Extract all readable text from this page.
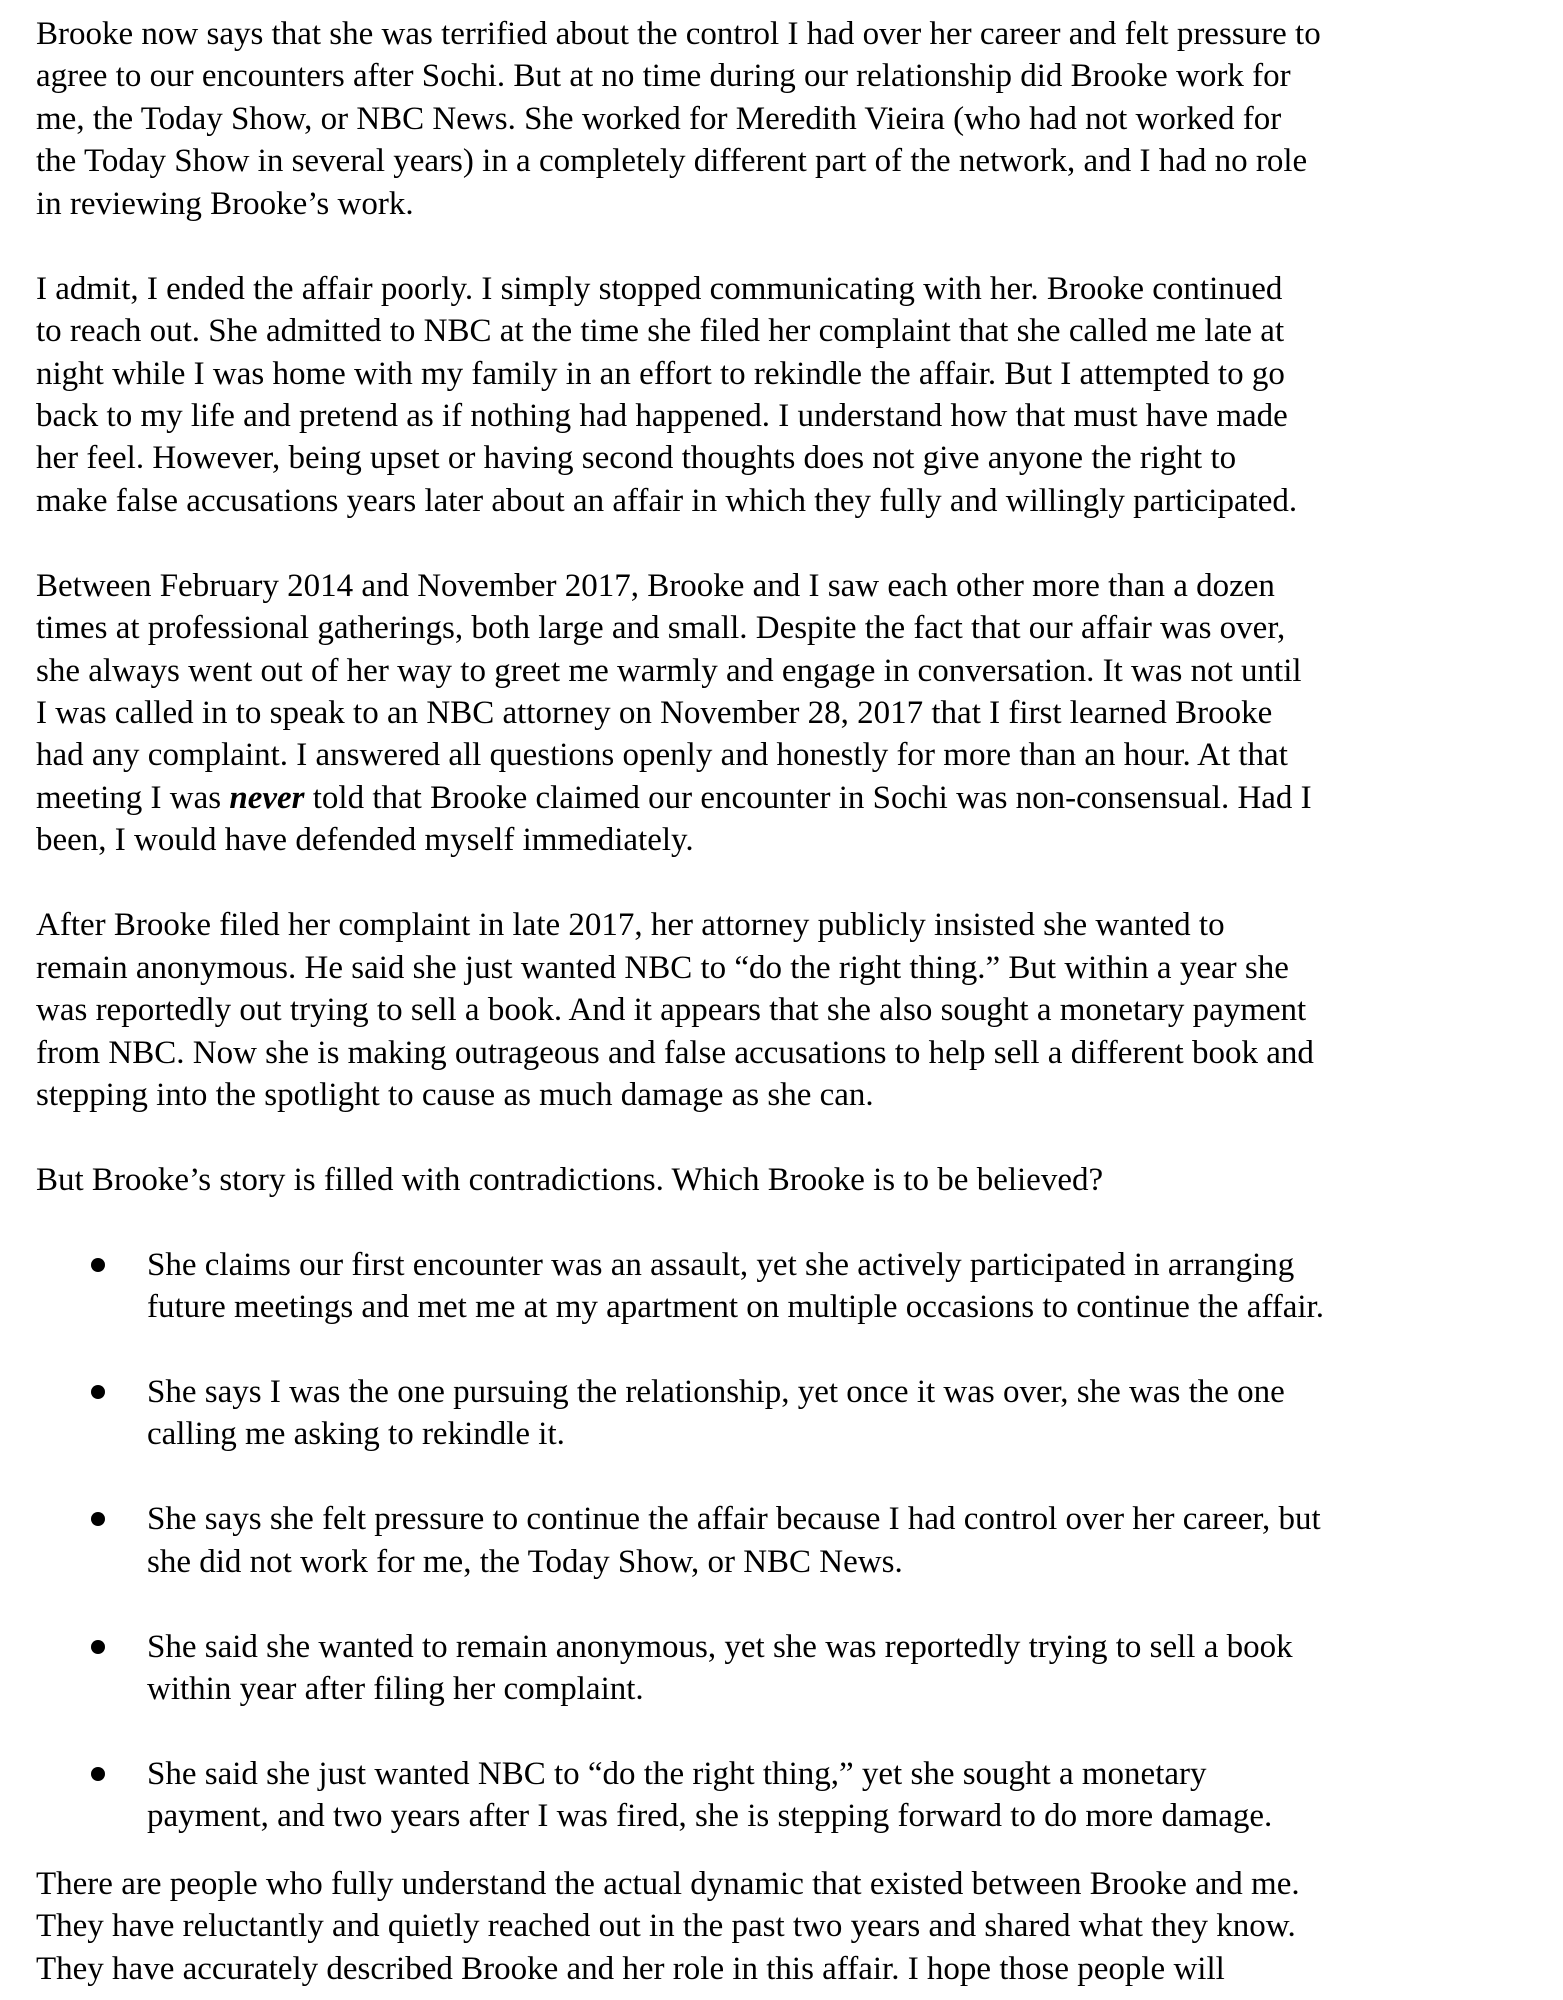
Brooke now says that she was terrified about the control I had over her career and felt pressure to
agree to our encounters after Sochi. But at no time during our relationship did Brooke work for
me, the Today Show, or NBC News. She worked for Meredith Vieira (who had not worked for
the Today Show in several years) in a completely different part of the network, and I had no role
in reviewing Brooke’s work.

I admit, I ended the affair poorly. I simply stopped communicating with her. Brooke continued
to reach out. She admitted to NBC at the time she filed her complaint that she called me late at
night while I was home with my family in an effort to rekindle the affair. But I attempted to go
back to my life and pretend as if nothing had happened. I understand how that must have made
her feel. However, being upset or having second thoughts does not give anyone the right to
make false accusations years later about an affair in which they fully and willingly participated.

Between February 2014 and November 2017, Brooke and I saw each other more than a dozen
times at professional gatherings, both large and small. Despite the fact that our affair was over,
she always went out of her way to greet me warmly and engage in conversation. It was not until
I was called in to speak to an NBC attorney on November 28, 2017 that I first learned Brooke
had any complaint. I answered all questions openly and honestly for more than an hour. At that
meeting I was never told that Brooke claimed our encounter in Sochi was non-consensual. Had I
been, I would have defended myself immediately.

After Brooke filed her complaint in late 2017, her attorney publicly insisted she wanted to
remain anonymous. He said she just wanted NBC to “do the right thing.” But within a year she
was reportedly out trying to sell a book. And it appears that she also sought a monetary payment
from NBC. Now she is making outrageous and false accusations to help sell a different book and
stepping into the spotlight to cause as much damage as she can.

But Brooke’s story is filled with contradictions. Which Brooke is to be believed?

She claims our first encounter was an assault, yet she actively participated in arranging
future meetings and met me at my apartment on multiple occasions to continue the affair.
She says I was the one pursuing the relationship, yet once it was over, she was the one
calling me asking to rekindle it.
She says she felt pressure to continue the affair because I had control over her career, but
she did not work for me, the Today Show, or NBC News.
She said she wanted to remain anonymous, yet she was reportedly trying to sell a book
within year after filing her complaint.
She said she just wanted NBC to “do the right thing,” yet she sought a monetary
payment, and two years after I was fired, she is stepping forward to do more damage.

There are people who fully understand the actual dynamic that existed between Brooke and me.
They have reluctantly and quietly reached out in the past two years and shared what they know.
They have accurately described Brooke and her role in this affair. I hope those people will
